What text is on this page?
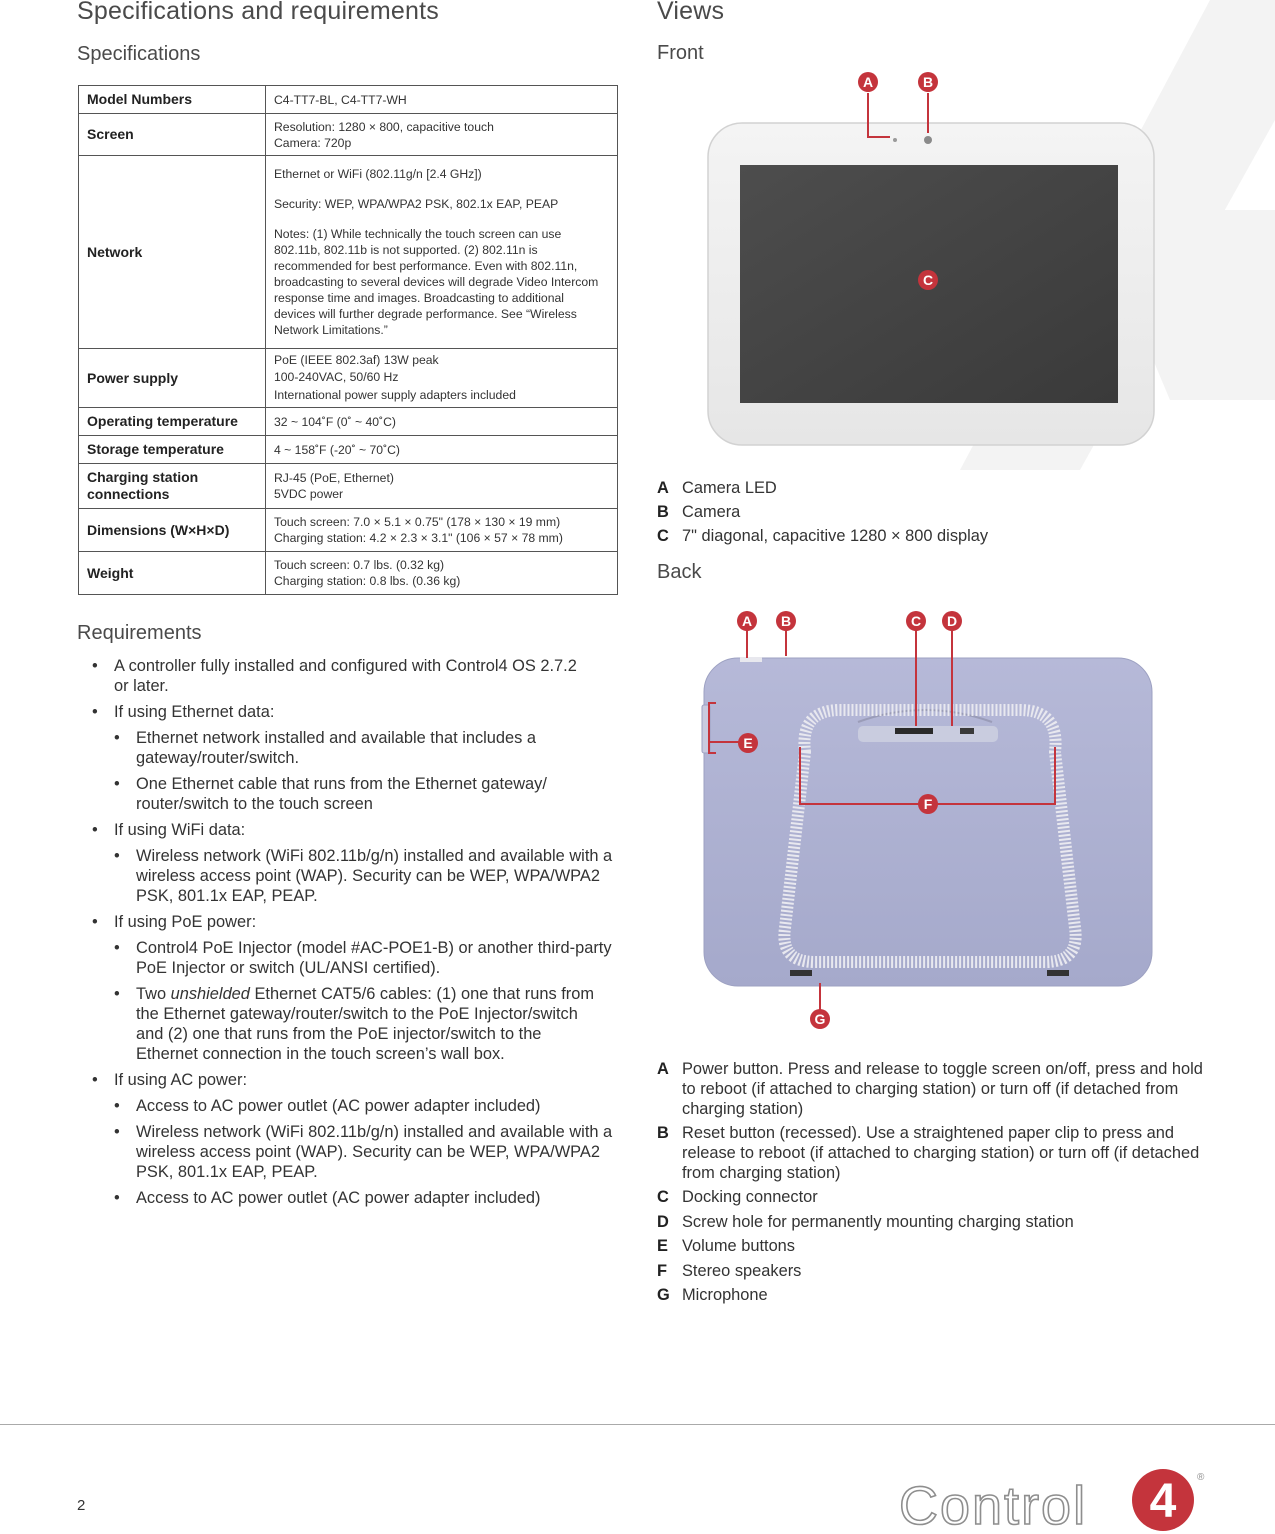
Specifications and requirements
Specifications
Model Numbers	C4-TT7-BL, C4-TT7-WH

Screen	Resolution: 1280 × 800, capacitive touch
Camera: 720p

Network	Ethernet or WiFi (802.11g/n [2.4 GHz])

Security: WEP, WPA/WPA2 PSK, 802.1x EAP, PEAP

Notes: (1) While technically the touch screen can use 802.11b, 802.11b is not supported. (2) 802.11n is recommended for best performance. Even with 802.11n, broadcasting to several devices will degrade Video Intercom response time and images. Broadcasting to additional devices will further degrade performance. See “Wireless Network Limitations.”

Power supply	PoE (IEEE 802.3af) 13W peak
100-240VAC, 50/60 Hz
International power supply adapters included

Operating temperature	32 ~ 104˚F (0˚ ~ 40˚C)

Storage temperature	4 ~ 158˚F (-20˚ ~ 70˚C)

Charging station connections	RJ-45 (PoE, Ethernet)
5VDC power

Dimensions (W×H×D)	Touch screen: 7.0 × 5.1 × 0.75" (178 × 130 × 19 mm)
Charging station: 4.2 × 2.3 × 3.1" (106 × 57 × 78 mm)

Weight	Touch screen: 0.7 lbs. (0.32 kg)
Charging station: 0.8 lbs. (0.36 kg)
Requirements
• A controller fully installed and configured with Control4 OS 2.7.2 or later.
• If using Ethernet data:
• Ethernet network installed and available that includes a gateway/router/switch.
• One Ethernet cable that runs from the Ethernet gateway/ router/switch to the touch screen
• If using WiFi data:
• Wireless network (WiFi 802.11b/g/n) installed and available with a wireless access point (WAP). Security can be WEP, WPA/WPA2 PSK, 801.1x EAP, PEAP.
• If using PoE power:
• Control4 PoE Injector (model #AC-POE1-B) or another third-party PoE Injector or switch (UL/ANSI certified).
• Two unshielded Ethernet CAT5/6 cables: (1) one that runs from the Ethernet gateway/router/switch to the PoE Injector/switch and (2) one that runs from the PoE injector/switch to the Ethernet connection in the touch screen’s wall box.
• If using AC power:
• Access to AC power outlet (AC power adapter included)
• Wireless network (WiFi 802.11b/g/n) installed and available with a wireless access point (WAP). Security can be WEP, WPA/WPA2 PSK, 801.1x EAP, PEAP.
• Access to AC power outlet (AC power adapter included)
Views
Front
A	B
C
A Camera LED
B Camera
C 7" diagonal, capacitive 1280 × 800 display
Back
A B	C D
E
F
G
A Power button. Press and release to toggle screen on/off, press and hold to reboot (if attached to charging station) or turn off (if detached from charging station)
B Reset button (recessed). Use a straightened paper clip to press and release to reboot (if attached to charging station) or turn off (if detached from charging station)
C Docking connector
D Screw hole for permanently mounting charging station
E Volume buttons
F Stereo speakers
G Microphone
2	Control 4 ®
